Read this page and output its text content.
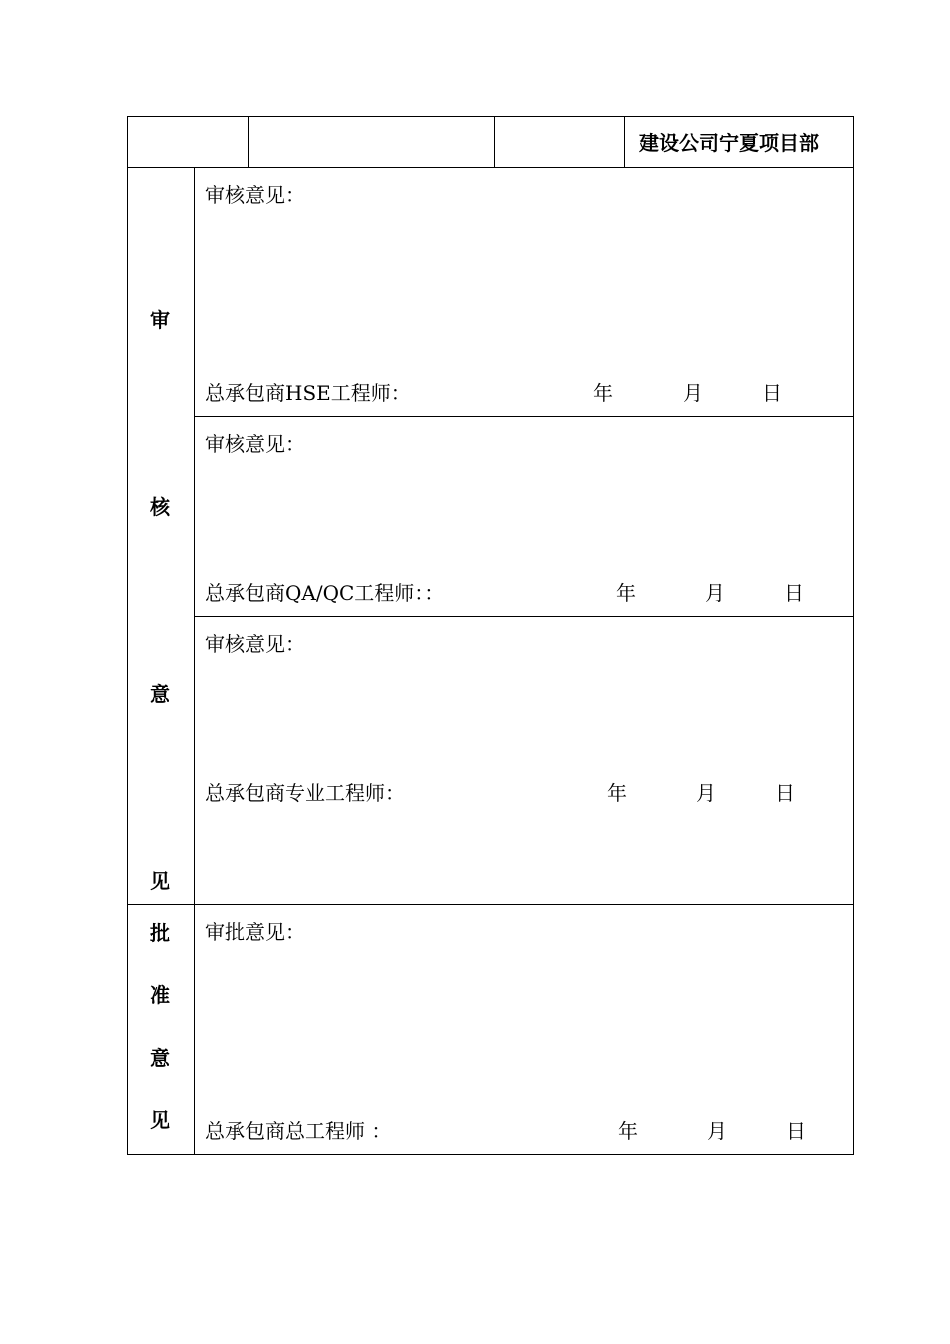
建设公司宁夏项目部
审
核
意
见
审核意见：
总承包商HSE工程师：	年	月	日
审核意见：
总承包商QA/QC工程师：：	年	月	日
审核意见：
总承包商专业工程师：	年	月	日
批
准
意
见
审批意见：
总承包商总工程师 ：	年	月	日
